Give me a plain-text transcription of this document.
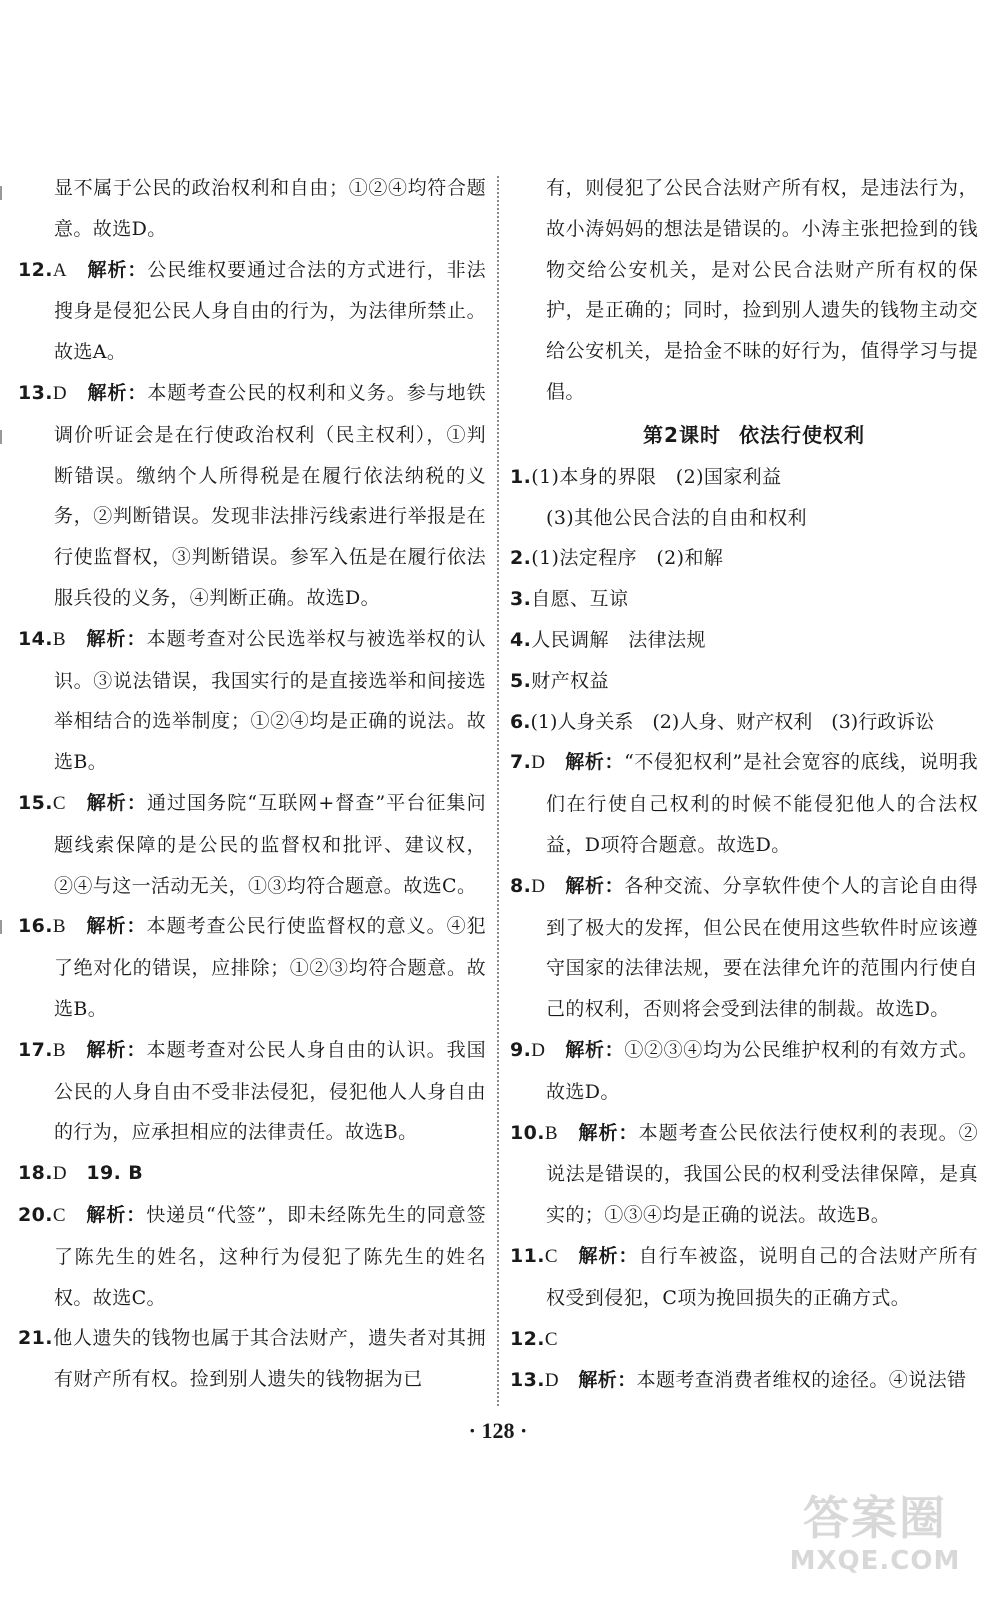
显不属于公民的政治权利和自由；①②④均符合题意。故选D。
12.A　 解析：公民维权要通过合法的方式进行，非法搜身是侵犯公民人身自由的行为，为法律所禁止。故选A。
13.D　 解析：本题考查公民的权利和义务。参与地铁调价听证会是在行使政治权利（民主权利），①判断错误。缴纳个人所得税是在履行依法纳税的义务，②判断错误。发现非法排污线索进行举报是在行使监督权，③判断错误。参军入伍是在履行依法服兵役的义务，④判断正确。故选D。
14.B　 解析：本题考查对公民选举权与被选举权的认识。③说法错误，我国实行的是直接选举和间接选举相结合的选举制度；①②④均是正确的说法。故选B。
15.C　 解析：通过国务院“互联网+督查”平台征集问题线索保障的是公民的监督权和批评、建议权，②④与这一活动无关，①③均符合题意。故选C。
16.B　 解析：本题考查公民行使监督权的意义。④犯了绝对化的错误，应排除；①②③均符合题意。故选B。
17.B　 解析：本题考查对公民人身自由的认识。我国公民的人身自由不受非法侵犯，侵犯他人人身自由的行为，应承担相应的法律责任。故选B。
18.D　 19. B
20.C　 解析：快递员“代签”，即未经陈先生的同意签了陈先生的姓名，这种行为侵犯了陈先生的姓名权。故选C。
21.他人遗失的钱物也属于其合法财产，遗失者对其拥有财产所有权。捡到别人遗失的钱物据为已
有，则侵犯了公民合法财产所有权，是违法行为，故小涛妈妈的想法是错误的。小涛主张把捡到的钱物交给公安机关，是对公民合法财产所有权的保护，是正确的；同时，捡到别人遗失的钱物主动交给公安机关，是拾金不昧的好行为，值得学习与提倡。
第2课时 依法行使权利
1.(1)本身的界限　(2)国家利益
(3)其他公民合法的自由和权利
2.(1)法定程序　(2)和解
3.自愿、互谅
4.人民调解　法律法规
5.财产权益
6.(1)人身关系　(2)人身、财产权利　(3)行政诉讼
7.D　 解析：“不侵犯权利”是社会宽容的底线，说明我们在行使自己权利的时候不能侵犯他人的合法权益，D项符合题意。故选D。
8.D　 解析：各种交流、分享软件使个人的言论自由得到了极大的发挥，但公民在使用这些软件时应该遵守国家的法律法规，要在法律允许的范围内行使自己的权利，否则将会受到法律的制裁。故选D。
9.D　 解析：①②③④均为公民维护权利的有效方式。故选D。
10.B　 解析：本题考查公民依法行使权利的表现。②说法是错误的，我国公民的权利受法律保障，是真实的；①③④均是正确的说法。故选B。
11.C　 解析：自行车被盗，说明自己的合法财产所有权受到侵犯，C项为挽回损失的正确方式。
12.C
13.D　 解析：本题考查消费者维权的途径。④说法错
· 128 ·
答案圈
MXQE.COM
